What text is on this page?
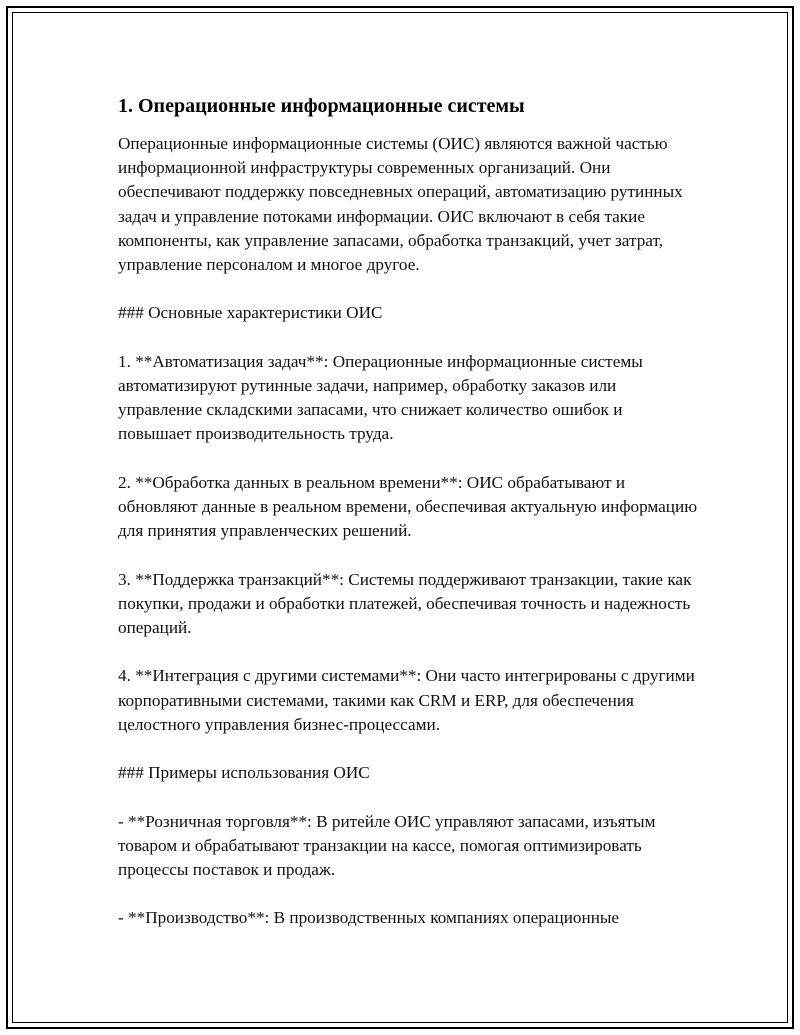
1. Операционные информационные системы

Операционные информационные системы (ОИС) являются важной частью информационной инфраструктуры современных организаций. Они обеспечивают поддержку повседневных операций, автоматизацию рутинных задач и управление потоками информации. ОИС включают в себя такие компоненты, как управление запасами, обработка транзакций, учет затрат, управление персоналом и многое другое.

### Основные характеристики ОИС

1. **Автоматизация задач**: Операционные информационные системы автоматизируют рутинные задачи, например, обработку заказов или управление складскими запасами, что снижает количество ошибок и повышает производительность труда.

2. **Обработка данных в реальном времени**: ОИС обрабатывают и обновляют данные в реальном времени, обеспечивая актуальную информацию для принятия управленческих решений.

3. **Поддержка транзакций**: Системы поддерживают транзакции, такие как покупки, продажи и обработки платежей, обеспечивая точность и надежность операций.

4. **Интеграция с другими системами**: Они часто интегрированы с другими корпоративными системами, такими как CRM и ERP, для обеспечения целостного управления бизнес-процессами.

### Примеры использования ОИС

- **Розничная торговля**: В ритейле ОИС управляют запасами, изъятым товаром и обрабатывают транзакции на кассе, помогая оптимизировать процессы поставок и продаж.

- **Производство**: В производственных компаниях операционные
